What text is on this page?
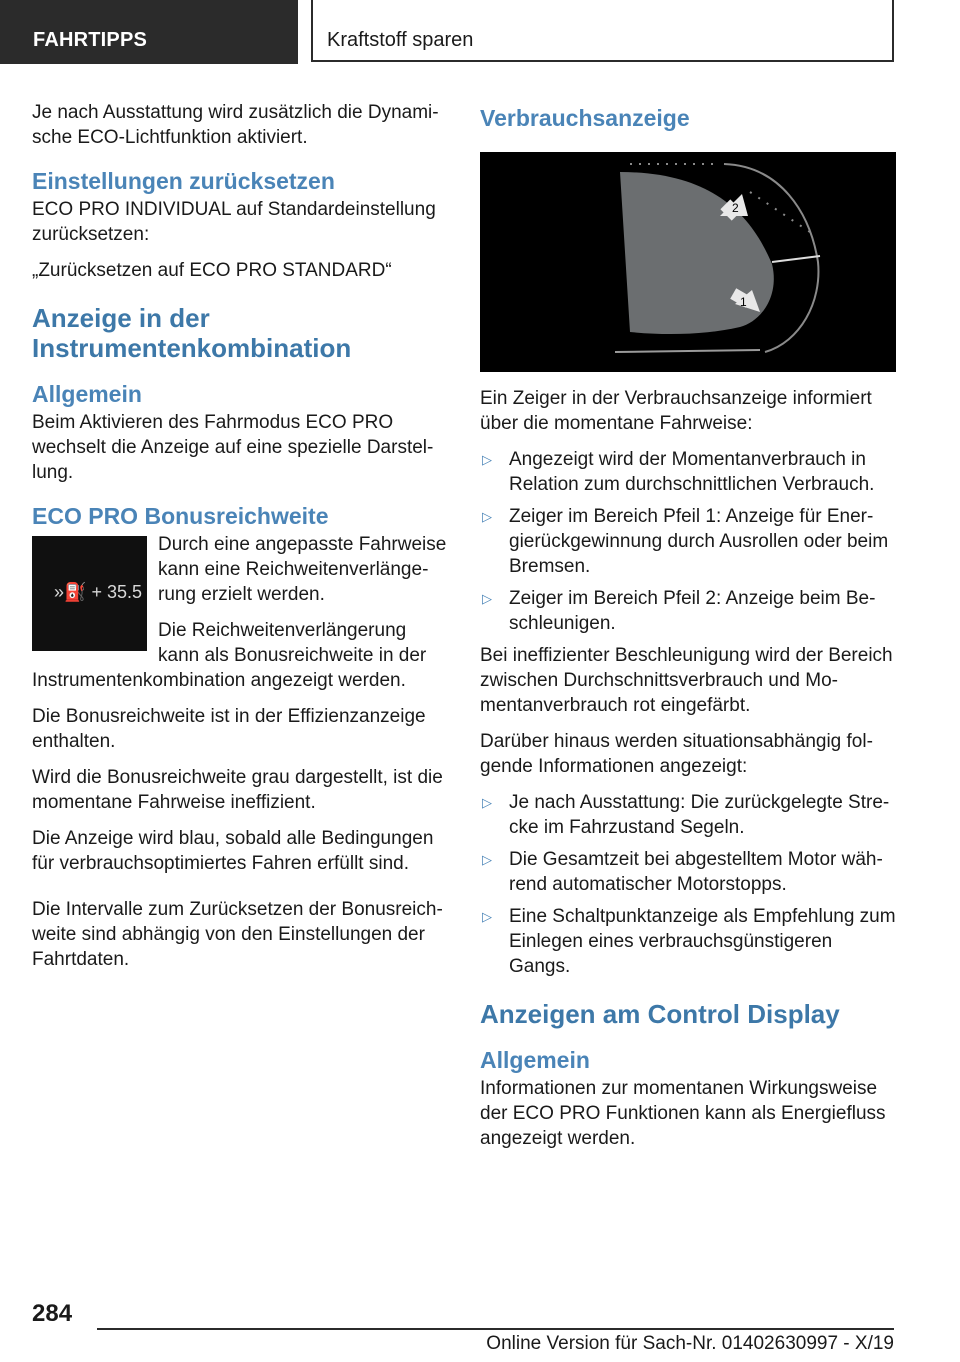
FAHRTIPPS	Kraftstoff sparen

Je nach Ausstattung wird zusätzlich die Dynamische ECO-Lichtfunktion aktiviert.

Einstellungen zurücksetzen

ECO PRO INDIVIDUAL auf Standardeinstellung zurücksetzen:

„Zurücksetzen auf ECO PRO STANDARD“

Anzeige in der Instrumentenkombination
Allgemein

Beim Aktivieren des Fahrmodus ECO PRO wechselt die Anzeige auf eine spezielle Darstellung.

ECO PRO Bonusreichweite
»⛽ + 35.5

Durch eine angepasste Fahrweise kann eine Reichweitenverlängerung erzielt werden.

Die Reichweitenverlängerung kann als Bonusreichweite in der Instrumentenkombination angezeigt werden.

Die Bonusreichweite ist in der Effizienzanzeige enthalten.

Wird die Bonusreichweite grau dargestellt, ist die momentane Fahrweise ineffizient.

Die Anzeige wird blau, sobald alle Bedingungen für verbrauchsoptimiertes Fahren erfüllt sind.

Die Intervalle zum Zurücksetzen der Bonusreichweite sind abhängig von den Einstellungen der Fahrtdaten.

Verbrauchsanzeige
2
1

Ein Zeiger in der Verbrauchsanzeige informiert über die momentane Fahrweise:

▷ Angezeigt wird der Momentanverbrauch in Relation zum durchschnittlichen Verbrauch.
▷ Zeiger im Bereich Pfeil 1: Anzeige für Energierückgewinnung durch Ausrollen oder beim Bremsen.
▷ Zeiger im Bereich Pfeil 2: Anzeige beim Beschleunigen.

Bei ineffizienter Beschleunigung wird der Bereich zwischen Durchschnittsverbrauch und Momentanverbrauch rot eingefärbt.

Darüber hinaus werden situationsabhängig folgende Informationen angezeigt:

▷ Je nach Ausstattung: Die zurückgelegte Strecke im Fahrzustand Segeln.
▷ Die Gesamtzeit bei abgestelltem Motor während automatischer Motorstopps.
▷ Eine Schaltpunktanzeige als Empfehlung zum Einlegen eines verbrauchsgünstigeren Gangs.
Anzeigen am Control Display
Allgemein

Informationen zur momentanen Wirkungsweise der ECO PRO Funktionen kann als Energiefluss angezeigt werden.

284
Online Version für Sach-Nr. 01402630997 - X/19
